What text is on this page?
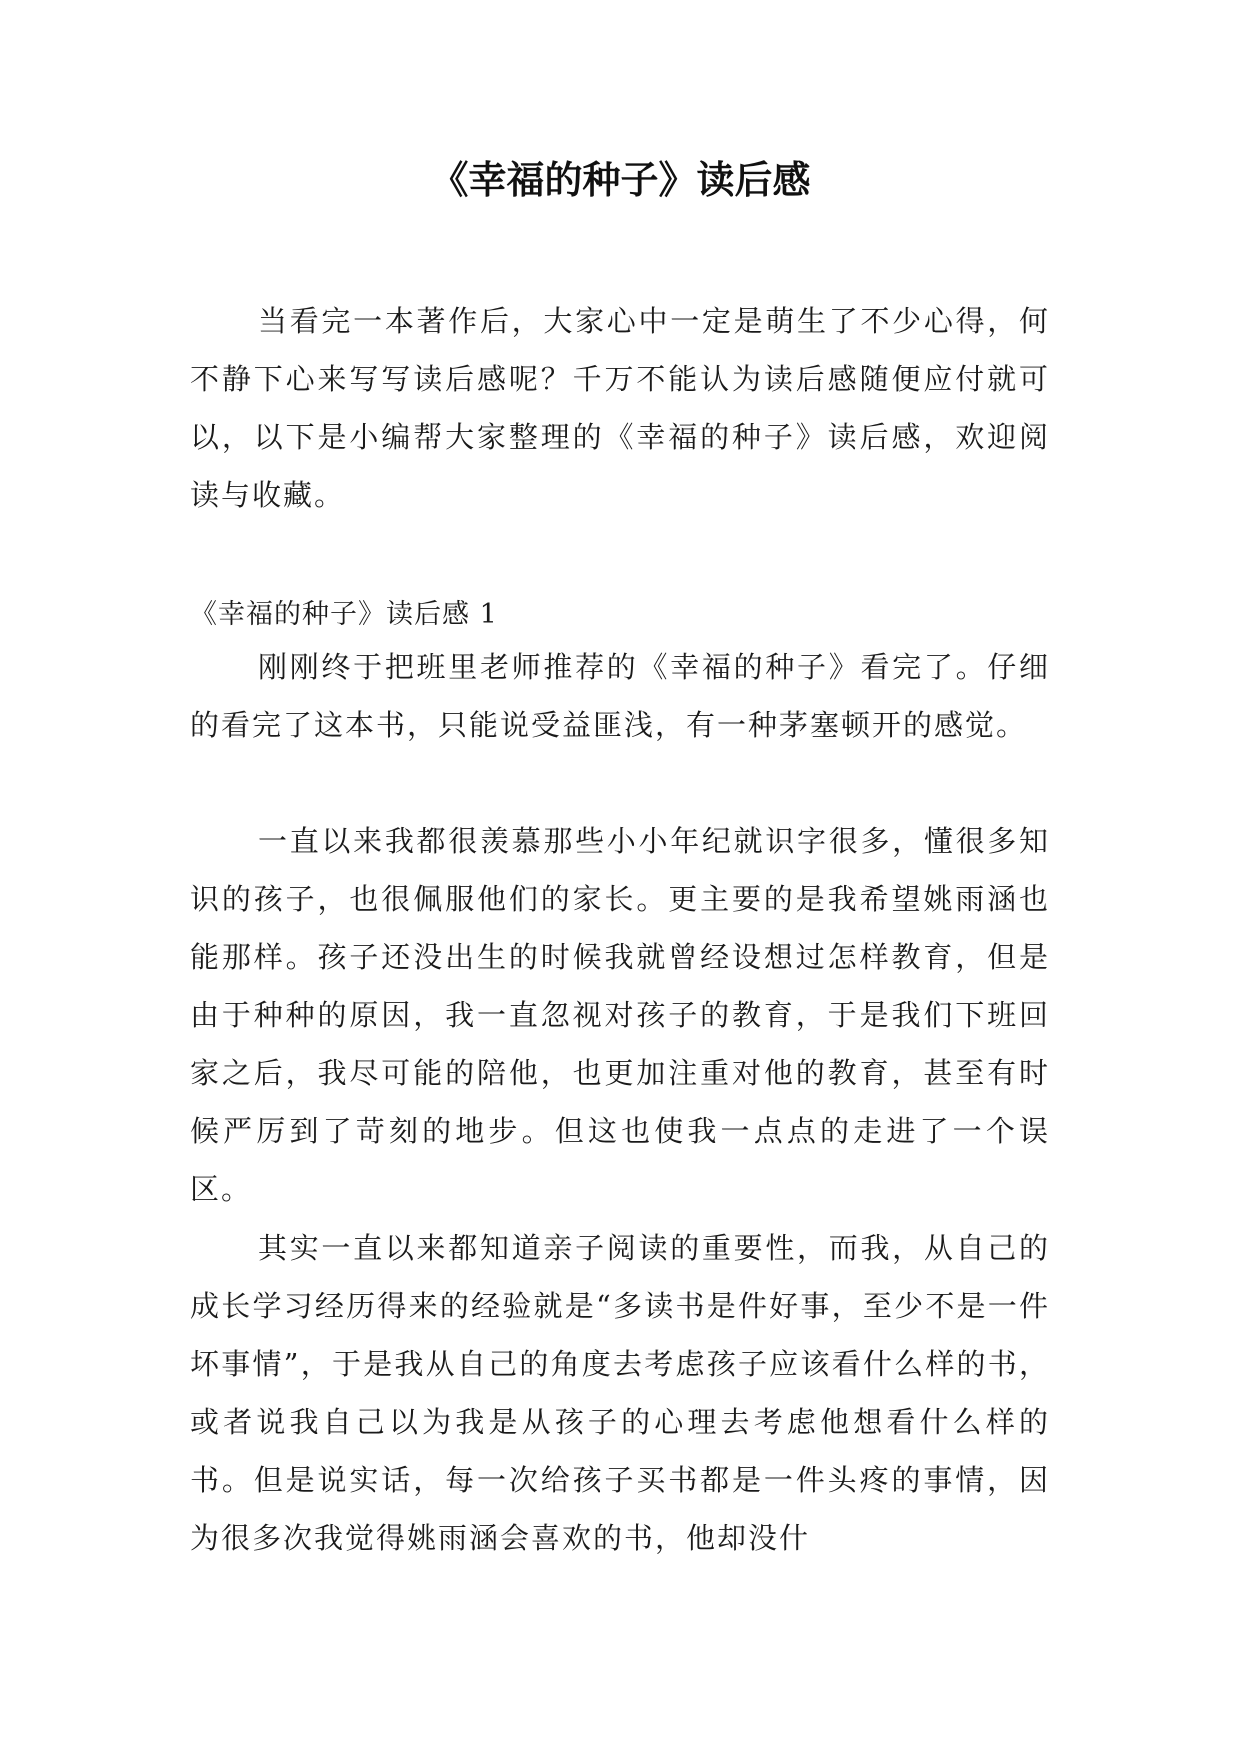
《幸福的种子》读后感

当看完一本著作后，大家心中一定是萌生了不少心得，何不静下心来写写读后感呢？千万不能认为读后感随便应付就可以，以下是小编帮大家整理的《幸福的种子》读后感，欢迎阅读与收藏。

《幸福的种子》读后感 1

刚刚终于把班里老师推荐的《幸福的种子》看完了。仔细的看完了这本书，只能说受益匪浅，有一种茅塞顿开的感觉。

一直以来我都很羡慕那些小小年纪就识字很多，懂很多知识的孩子，也很佩服他们的家长。更主要的是我希望姚雨涵也能那样。孩子还没出生的时候我就曾经设想过怎样教育，但是由于种种的原因，我一直忽视对孩子的教育，于是我们下班回家之后，我尽可能的陪他，也更加注重对他的教育，甚至有时候严厉到了苛刻的地步。但这也使我一点点的走进了一个误区。

其实一直以来都知道亲子阅读的重要性，而我，从自己的成长学习经历得来的经验就是“多读书是件好事，至少不是一件坏事情”，于是我从自己的角度去考虑孩子应该看什么样的书，或者说我自己以为我是从孩子的心理去考虑他想看什么样的书。但是说实话，每一次给孩子买书都是一件头疼的事情，因为很多次我觉得姚雨涵会喜欢的书，他却没什
